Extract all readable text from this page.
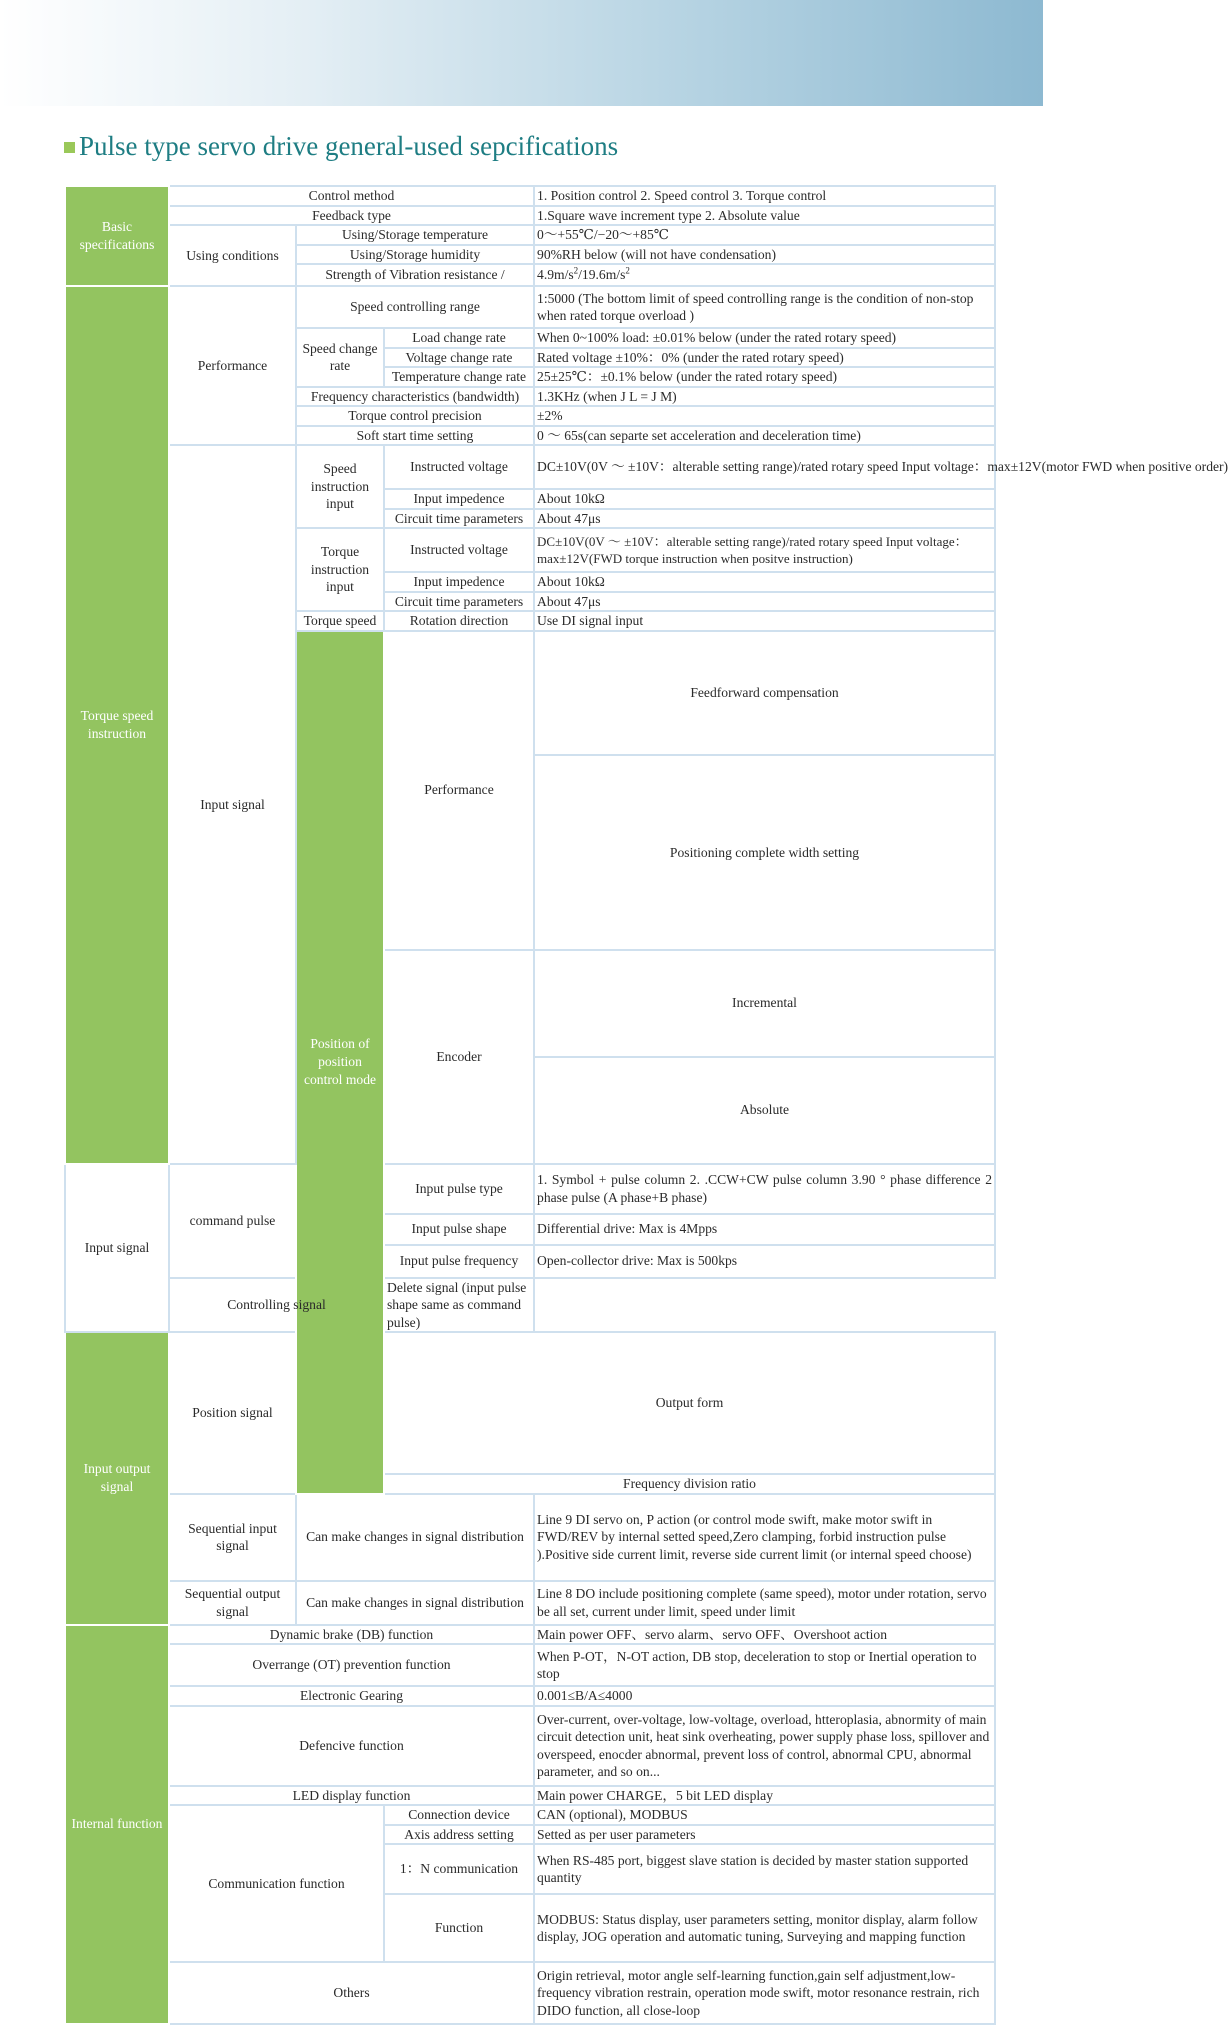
Pulse type servo drive general-used sepcifications
Basic specifications	Control method			1. Position control 2. Speed control 3. Torque control	
	Feedback type			1.Square wave increment type 2. Absolute value	
	Using conditions	Using/Storage temperature		0～+55℃/−20～+85℃	
		Using/Storage humidity		90%RH below (will not have condensation)	
		Strength of Vibration resistance /		$4.9m/s^2/19.6m/s^2$
Torque speed instruction	Performance	Speed controlling range		1:5000 (The bottom limit of speed controlling range is the condition of non-stop when rated torque overload )	
		Speed change rate	Load change rate	When 0~100% load: ±0.01% below (under the rated rotary speed)	
			Voltage change rate	Rated voltage ±10%：0% (under the rated rotary speed)	
			Temperature change rate	25±25℃：±0.1% below (under the rated rotary speed)	
		Frequency characteristics (bandwidth)		1.3KHz (when J L = J M)	
		Torque control precision		±2%	
		Soft start time setting		0 ～ 65s(can separte set acceleration and deceleration time)	
	Input signal	Speed instruction input	Instructed voltage	DC±10V(0V ～ ±10V：alterable setting range)/rated rotary speed Input voltage：max±12V(motor FWD when positive order)	
			Input impedence	About 10kΩ	
			Circuit time parameters	About 47μs	
		Torque instruction input	Instructed voltage	DC±10V(0V ～ ±10V：alterable setting range)/rated rotary speed Input voltage：max±12V(FWD torque instruction when positve instruction)	
			Input impedence	About 10kΩ	
			Circuit time parameters	About 47μs	
		Torque speed	Rotation direction	Use DI signal input	
		Position of position control mode	Performance	Feedforward compensation	
				Positioning complete width setting	
			Encoder	Incremental	
				Absolute	
Input signal	command pulse		Input pulse type	1. Symbol + pulse column 2. .CCW+CW pulse column 3.90 ° phase difference 2 phase pulse (A phase+B phase)	
			Input pulse shape	Differential drive: Max is 4Mpps	
			Input pulse frequency	Open-collector drive: Max is 500kps	
	Controlling signal		Delete signal (input pulse shape same as command pulse)		
Input output signal	Position signal		Output form	
			Frequency division ratio	
	Sequential input signal	Can make changes in signal distribution		Line 9 DI servo on, P action (or control mode swift, make motor swift in FWD/REV by internal setted speed,Zero clamping, forbid instruction pulse ).Positive side current limit, reverse side current limit (or internal speed choose)	
	Sequential output signal	Can make changes in signal distribution		Line 8 DO include positioning complete (same speed), motor under rotation, servo be all set, current under limit, speed under limit	
Internal function	Dynamic brake (DB) function			Main power OFF、servo alarm、servo OFF、Overshoot action	
	Overrange (OT) prevention function			When P-OT，N-OT action, DB stop, deceleration to stop or Inertial operation to stop	
	Electronic Gearing			0.001≤B/A≤4000	
	Defencive function			Over-current, over-voltage, low-voltage, overload, htteroplasia, abnormity of main circuit detection unit, heat sink overheating, power supply phase loss, spillover and overspeed, enocder abnormal, prevent loss of control, abnormal CPU, abnormal parameter, and so on...	
	LED display function			Main power CHARGE，5 bit LED display	
	Communication function		Connection device	CAN (optional), MODBUS	
			Axis address setting	Setted as per user parameters	
			1：N communication	When RS-485 port, biggest slave station is decided by master station supported quantity	
			Function	MODBUS: Status display, user parameters setting, monitor display, alarm follow display, JOG operation and automatic tuning, Surveying and mapping function	
	Others			Origin retrieval, motor angle self-learning function,gain self adjustment,low-frequency vibration restrain, operation mode swift, motor resonance restrain, rich DIDO function, all close-loop	
